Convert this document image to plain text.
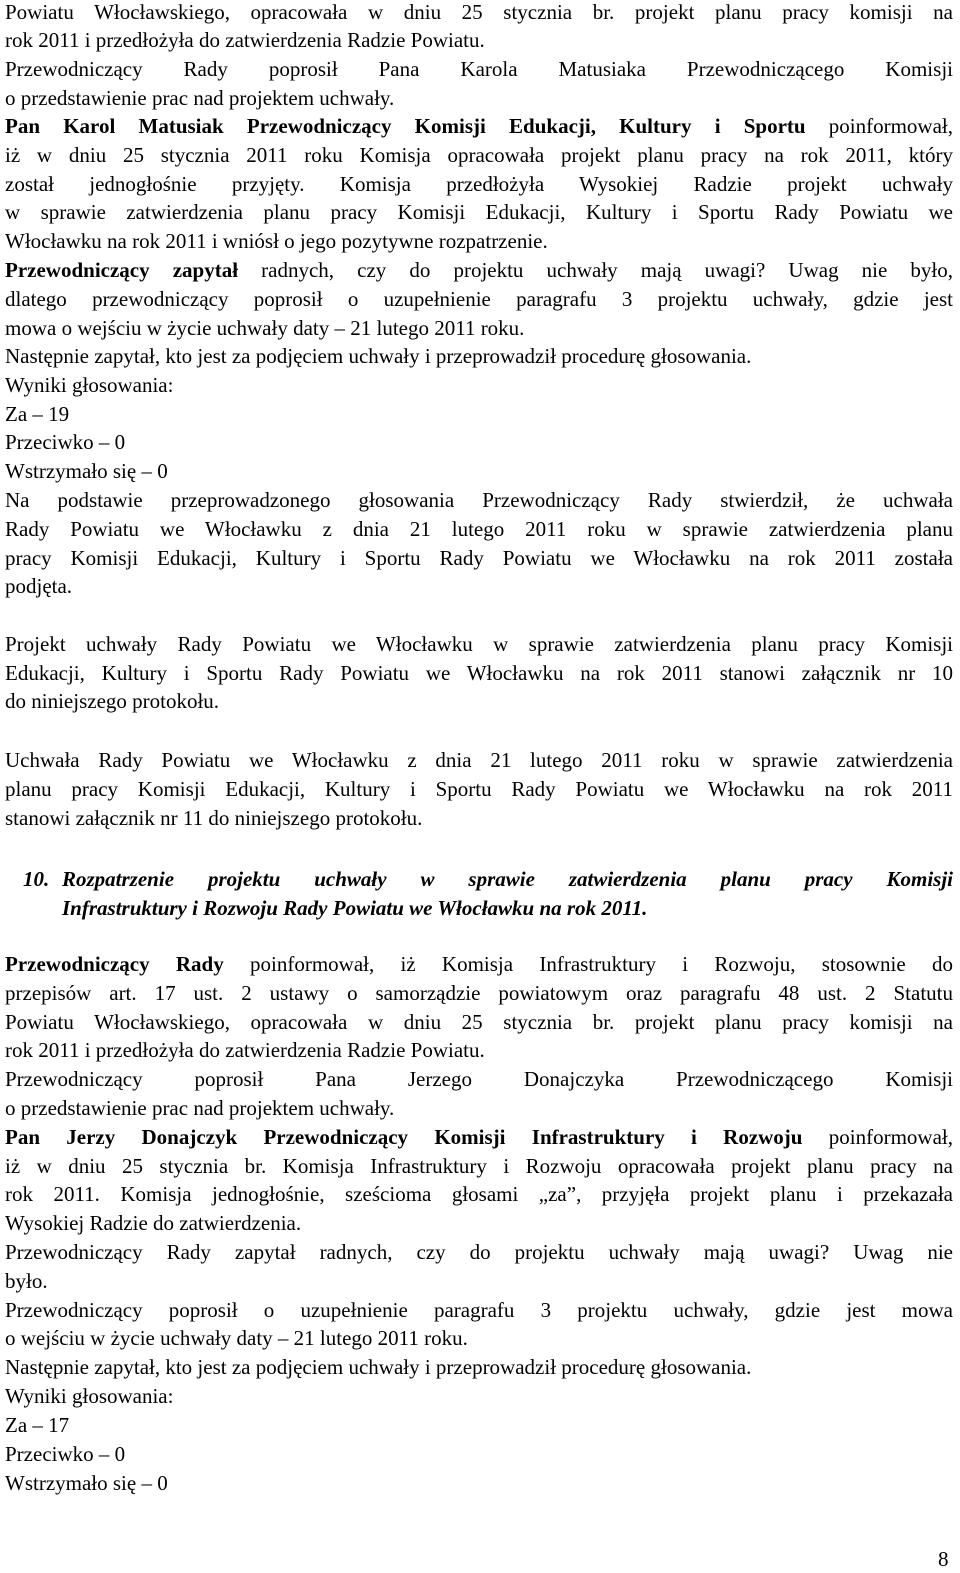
Powiatu Włocławskiego, opracowała w dniu 25 stycznia br. projekt planu pracy komisji na
rok 2011 i przedłożyła do zatwierdzenia Radzie Powiatu.
Przewodniczący Rady poprosił Pana Karola Matusiaka Przewodniczącego Komisji
o przedstawienie prac nad projektem uchwały.
Pan Karol Matusiak Przewodniczący Komisji Edukacji, Kultury i Sportu poinformował,
iż w dniu 25 stycznia 2011 roku Komisja opracowała projekt planu pracy na rok 2011, który
został jednogłośnie przyjęty. Komisja przedłożyła Wysokiej Radzie projekt uchwały
w sprawie zatwierdzenia planu pracy Komisji Edukacji, Kultury i Sportu Rady Powiatu we
Włocławku na rok 2011 i wniósł o jego pozytywne rozpatrzenie.
Przewodniczący zapytał radnych, czy do projektu uchwały mają uwagi? Uwag nie było,
dlatego przewodniczący poprosił o uzupełnienie paragrafu 3 projektu uchwały, gdzie jest
mowa o wejściu w życie uchwały daty – 21 lutego 2011 roku.
Następnie zapytał, kto jest za podjęciem uchwały i przeprowadził procedurę głosowania.
Wyniki głosowania:
Za – 19
Przeciwko – 0
Wstrzymało się – 0
Na podstawie przeprowadzonego głosowania Przewodniczący Rady stwierdził, że uchwała
Rady Powiatu we Włocławku z dnia 21 lutego 2011 roku w sprawie zatwierdzenia planu
pracy Komisji Edukacji, Kultury i Sportu Rady Powiatu we Włocławku na rok 2011 została
podjęta.
Projekt uchwały Rady Powiatu we Włocławku w sprawie zatwierdzenia planu pracy Komisji
Edukacji, Kultury i Sportu Rady Powiatu we Włocławku na rok 2011 stanowi załącznik nr 10
do niniejszego protokołu.
Uchwała Rady Powiatu we Włocławku z dnia 21 lutego 2011 roku w sprawie zatwierdzenia
planu pracy Komisji Edukacji, Kultury i Sportu Rady Powiatu we Włocławku na rok 2011
stanowi załącznik nr 11 do niniejszego protokołu.
10. Rozpatrzenie projektu uchwały w sprawie zatwierdzenia planu pracy Komisji
Infrastruktury i Rozwoju Rady Powiatu we Włocławku na rok 2011.
Przewodniczący Rady poinformował, iż Komisja Infrastruktury i Rozwoju, stosownie do
przepisów art. 17 ust. 2 ustawy o samorządzie powiatowym oraz paragrafu 48 ust. 2 Statutu
Powiatu Włocławskiego, opracowała w dniu 25 stycznia br. projekt planu pracy komisji na
rok 2011 i przedłożyła do zatwierdzenia Radzie Powiatu.
Przewodniczący poprosił Pana Jerzego Donajczyka Przewodniczącego Komisji
o przedstawienie prac nad projektem uchwały.
Pan Jerzy Donajczyk Przewodniczący Komisji Infrastruktury i Rozwoju poinformował,
iż w dniu 25 stycznia br. Komisja Infrastruktury i Rozwoju opracowała projekt planu pracy na
rok 2011. Komisja jednogłośnie, sześcioma głosami „za”, przyjęła projekt planu i przekazała
Wysokiej Radzie do zatwierdzenia.
Przewodniczący Rady zapytał radnych, czy do projektu uchwały mają uwagi? Uwag nie
było.
Przewodniczący poprosił o uzupełnienie paragrafu 3 projektu uchwały, gdzie jest mowa
o wejściu w życie uchwały daty – 21 lutego 2011 roku.
Następnie zapytał, kto jest za podjęciem uchwały i przeprowadził procedurę głosowania.
Wyniki głosowania:
Za – 17
Przeciwko – 0
Wstrzymało się – 0
8
